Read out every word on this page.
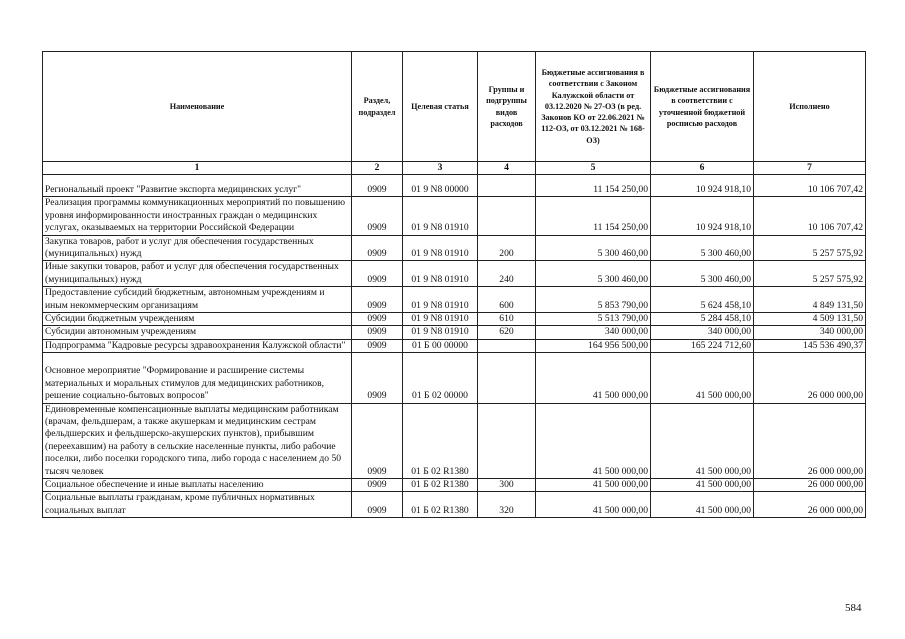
Наименование	Раздел, подраздел	Целевая статья	Группы и подгруппы видов расходов	Бюджетные ассигнования в соответствии с Законом Калужской области от 03.12.2020 № 27-ОЗ (в ред. Законов КО от 22.06.2021 № 112-ОЗ, от 03.12.2021 № 168-ОЗ)	Бюджетные ассигнования в соответствии с уточненной бюджетной росписью расходов	Исполнено
1	2	3	4	5	6	7

Региональный проект "Развитие экспорта медицинских услуг"	0909	01 9 N8 00000		11 154 250,00	10 924 918,10	10 106 707,42
Реализация программы коммуникационных мероприятий по повышению уровня информированности иностранных граждан о медицинских услугах, оказываемых на территории Российской Федерации	0909	01 9 N8 01910		11 154 250,00	10 924 918,10	10 106 707,42
Закупка товаров, работ и услуг для обеспечения государственных (муниципальных) нужд	0909	01 9 N8 01910	200	5 300 460,00	5 300 460,00	5 257 575,92
Иные закупки товаров, работ и услуг для обеспечения государственных (муниципальных) нужд	0909	01 9 N8 01910	240	5 300 460,00	5 300 460,00	5 257 575,92
Предоставление субсидий бюджетным, автономным учреждениям и иным некоммерческим организациям	0909	01 9 N8 01910	600	5 853 790,00	5 624 458,10	4 849 131,50
Субсидии бюджетным учреждениям	0909	01 9 N8 01910	610	5 513 790,00	5 284 458,10	4 509 131,50
Субсидии автономным учреждениям	0909	01 9 N8 01910	620	340 000,00	340 000,00	340 000,00
Подпрограмма "Кадровые ресурсы здравоохранения Калужской области"	0909	01 Б 00 00000		164 956 500,00	165 224 712,60	145 536 490,37
Основное мероприятие "Формирование и расширение системы материальных и моральных стимулов для медицинских работников, решение социально-бытовых вопросов"	0909	01 Б 02 00000		41 500 000,00	41 500 000,00	26 000 000,00
Единовременные компенсационные выплаты медицинским работникам (врачам, фельдшерам, а также акушеркам и медицинским сестрам фельдшерских и фельдшерско-акушерских пунктов), прибывшим (переехавшим) на работу в сельские населенные пункты, либо рабочие поселки, либо поселки городского типа, либо города с населением до 50 тысяч человек	0909	01 Б 02 R1380		41 500 000,00	41 500 000,00	26 000 000,00
Социальное обеспечение и иные выплаты населению	0909	01 Б 02 R1380	300	41 500 000,00	41 500 000,00	26 000 000,00
Социальные выплаты гражданам, кроме публичных нормативных социальных выплат	0909	01 Б 02 R1380	320	41 500 000,00	41 500 000,00	26 000 000,00
584
